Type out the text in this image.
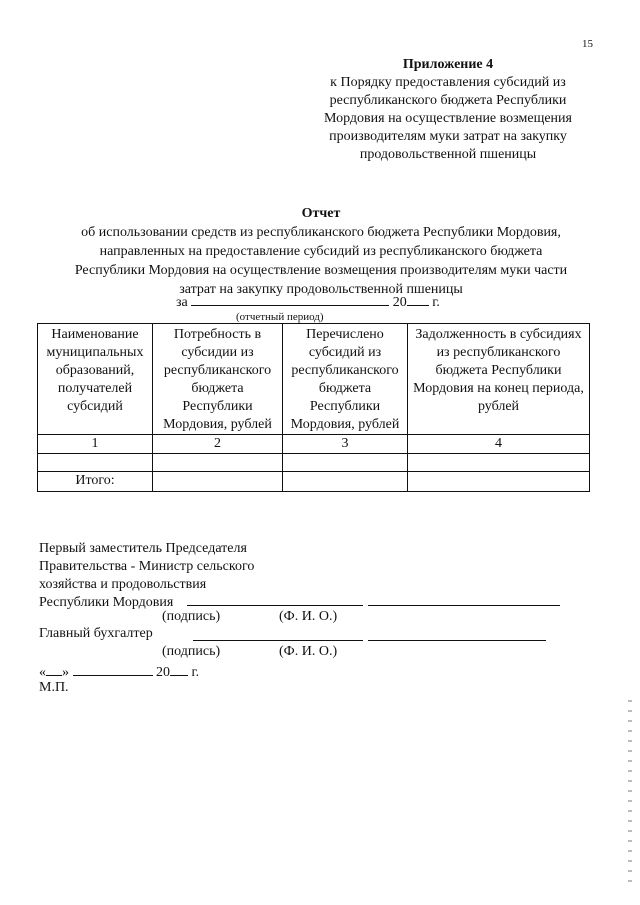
15
Приложение 4
к Порядку предоставления субсидий из
республиканского бюджета Республики
Мордовия на осуществление возмещения
производителям муки затрат на закупку
продовольственной пшеницы
Отчет
об использовании средств из республиканского бюджета Республики Мордовия,
направленных на предоставление субсидий из республиканского бюджета
Республики Мордовия на осуществление возмещения производителям муки части
затрат на закупку продовольственной пшеницы
за	20 г.
(отчетный период)
Наименование муниципальных образований, получателей субсидий	Потребность в субсидии из республиканского бюджета Республики Мордовия, рублей	Перечислено субсидий из республиканского бюджета Республики Мордовия, рублей	Задолженность в субсидиях из республиканского бюджета Республики Мордовия на конец периода, рублей
1	2	3	4

Итого:			
Первый заместитель Председателя
Правительства - Министр сельского
хозяйства и продовольствия
Республики Мордовия
(подпись)	(Ф. И. О.)
Главный бухгалтер
(подпись)	(Ф. И. О.)
« »	20 г.
М.П.
